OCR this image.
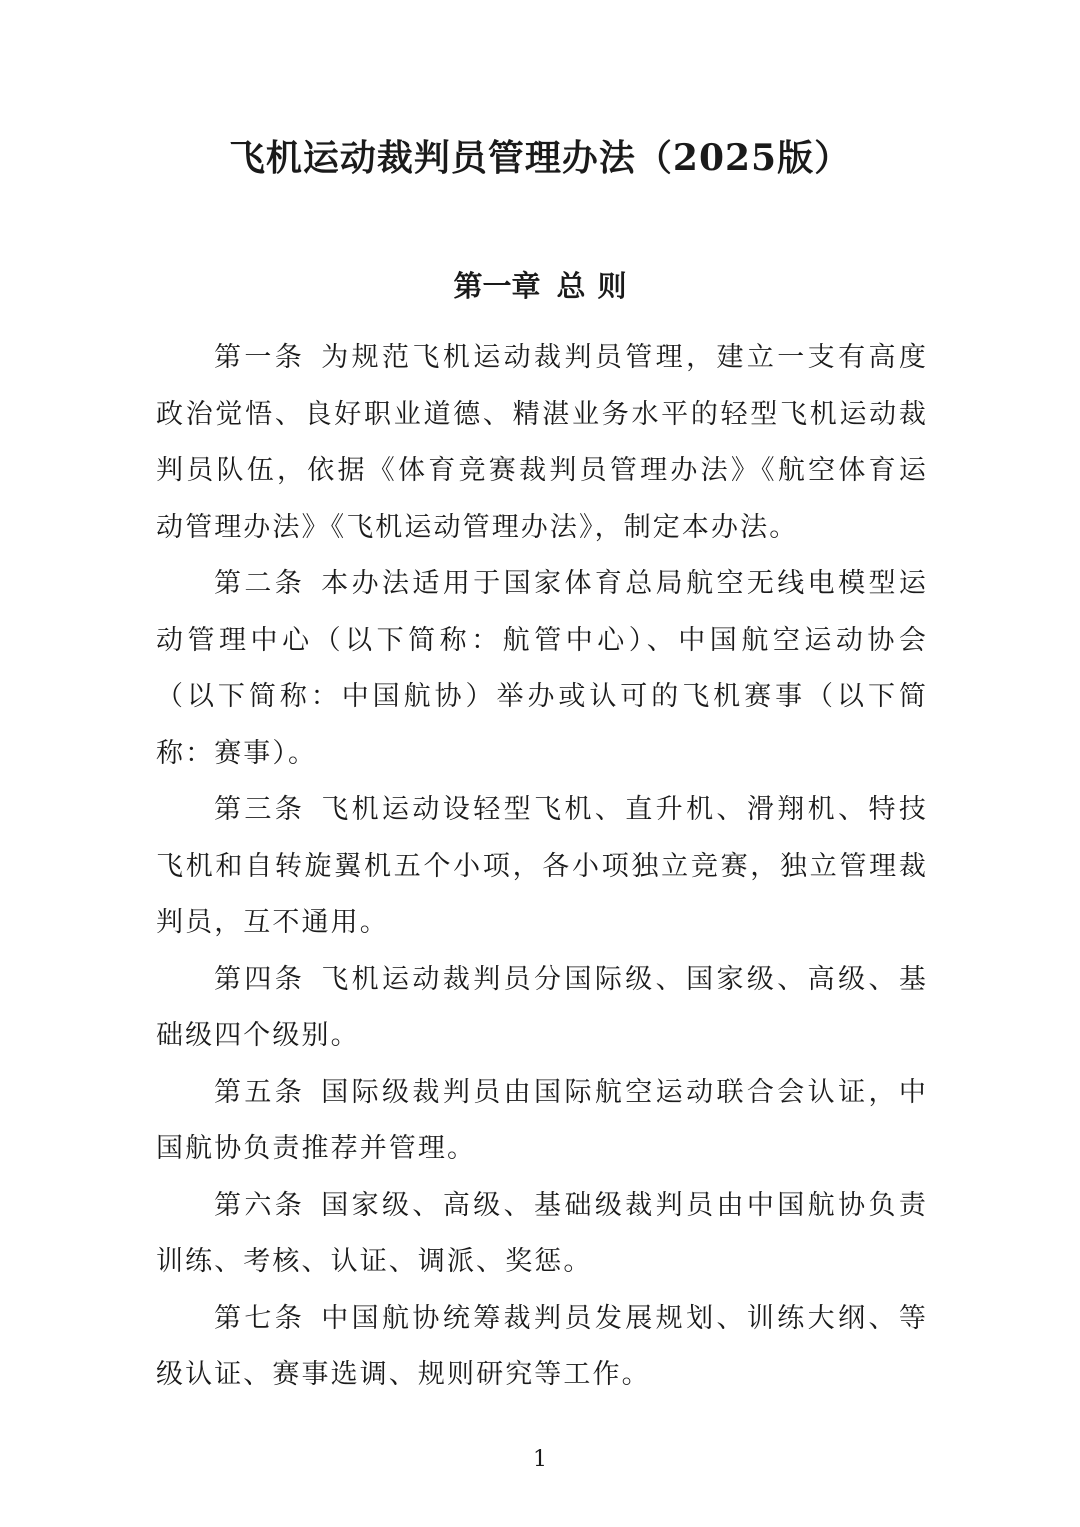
飞机运动裁判员管理办法（2025版）
第一章 总 则

第一条 为规范飞机运动裁判员管理，建立一支有高度政治觉悟、良好职业道德、精湛业务水平的轻型飞机运动裁判员队伍，依据《体育竞赛裁判员管理办法》《航空体育运动管理办法》《飞机运动管理办法》，制定本办法。

第二条 本办法适用于国家体育总局航空无线电模型运动管理中心（以下简称：航管中心）、中国航空运动协会（以下简称：中国航协）举办或认可的飞机赛事（以下简称：赛事）。

第三条 飞机运动设轻型飞机、直升机、滑翔机、特技飞机和自转旋翼机五个小项，各小项独立竞赛，独立管理裁判员，互不通用。

第四条 飞机运动裁判员分国际级、国家级、高级、基础级四个级别。

第五条 国际级裁判员由国际航空运动联合会认证，中国航协负责推荐并管理。

第六条 国家级、高级、基础级裁判员由中国航协负责训练、考核、认证、调派、奖惩。

第七条 中国航协统筹裁判员发展规划、训练大纲、等级认证、赛事选调、规则研究等工作。

1
